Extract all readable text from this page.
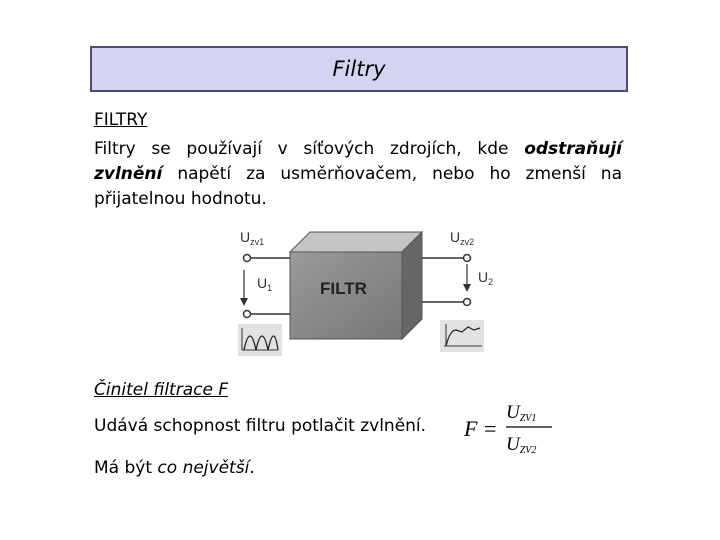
Filtry
FILTRY
Filtry se používají v síťových zdrojích, kde odstraňují zvlnění napětí za usměrňovačem, nebo ho zmenší na přijatelnou hodnotu.
FILTR
$U_{zv1}$
$U_1$
$U_{zv2}$
$U_2$
Činitel filtrace F
Udává schopnost filtru potlačit zvlnění.
Má být co největší.
F =
UZV1
UZV2
